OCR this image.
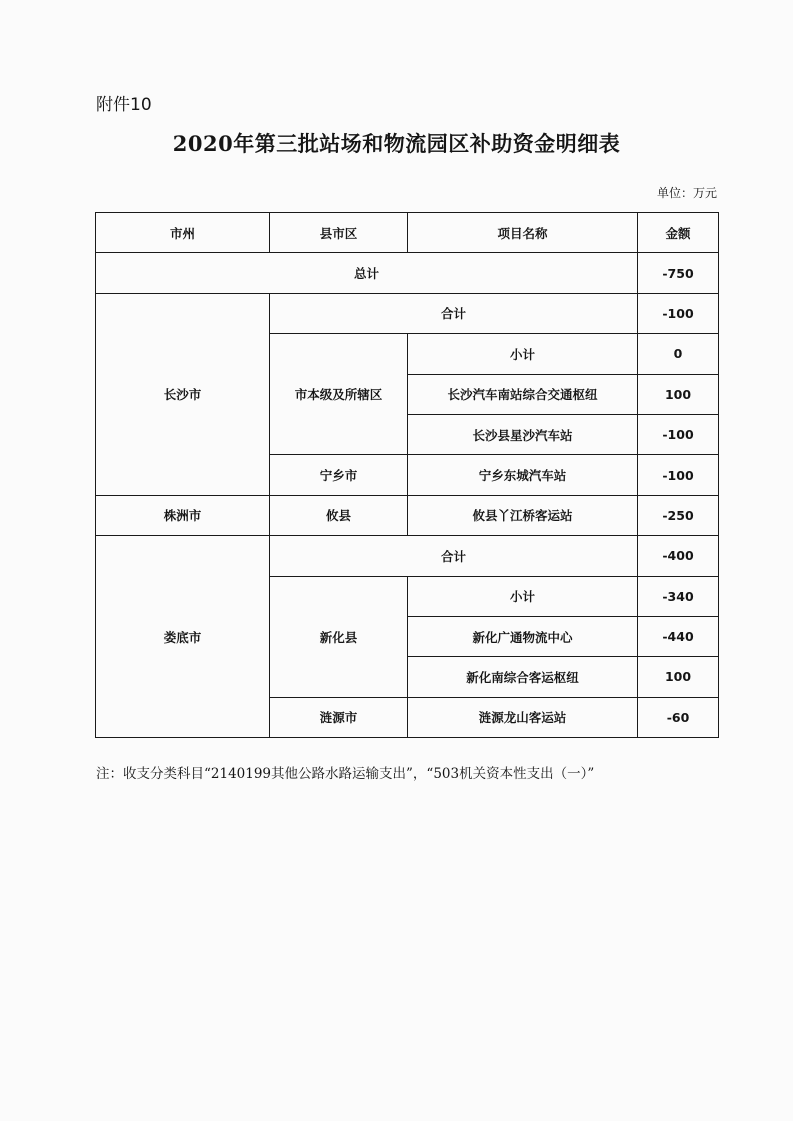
附件10
2020年第三批站场和物流园区补助资金明细表
单位：万元
市州	县市区	项目名称	金额
总计			-750
长沙市	合计		-100
	市本级及所辖区	小计	0
		长沙汽车南站综合交通枢纽	100
		长沙县星沙汽车站	-100
	宁乡市	宁乡东城汽车站	-100
株洲市	攸县	攸县丫江桥客运站	-250
娄底市	合计		-400
	新化县	小计	-340
		新化广通物流中心	-440
		新化南综合客运枢纽	100
	涟源市	涟源龙山客运站	-60
注：收支分类科目“2140199其他公路水路运输支出”，“503机关资本性支出（一）”
